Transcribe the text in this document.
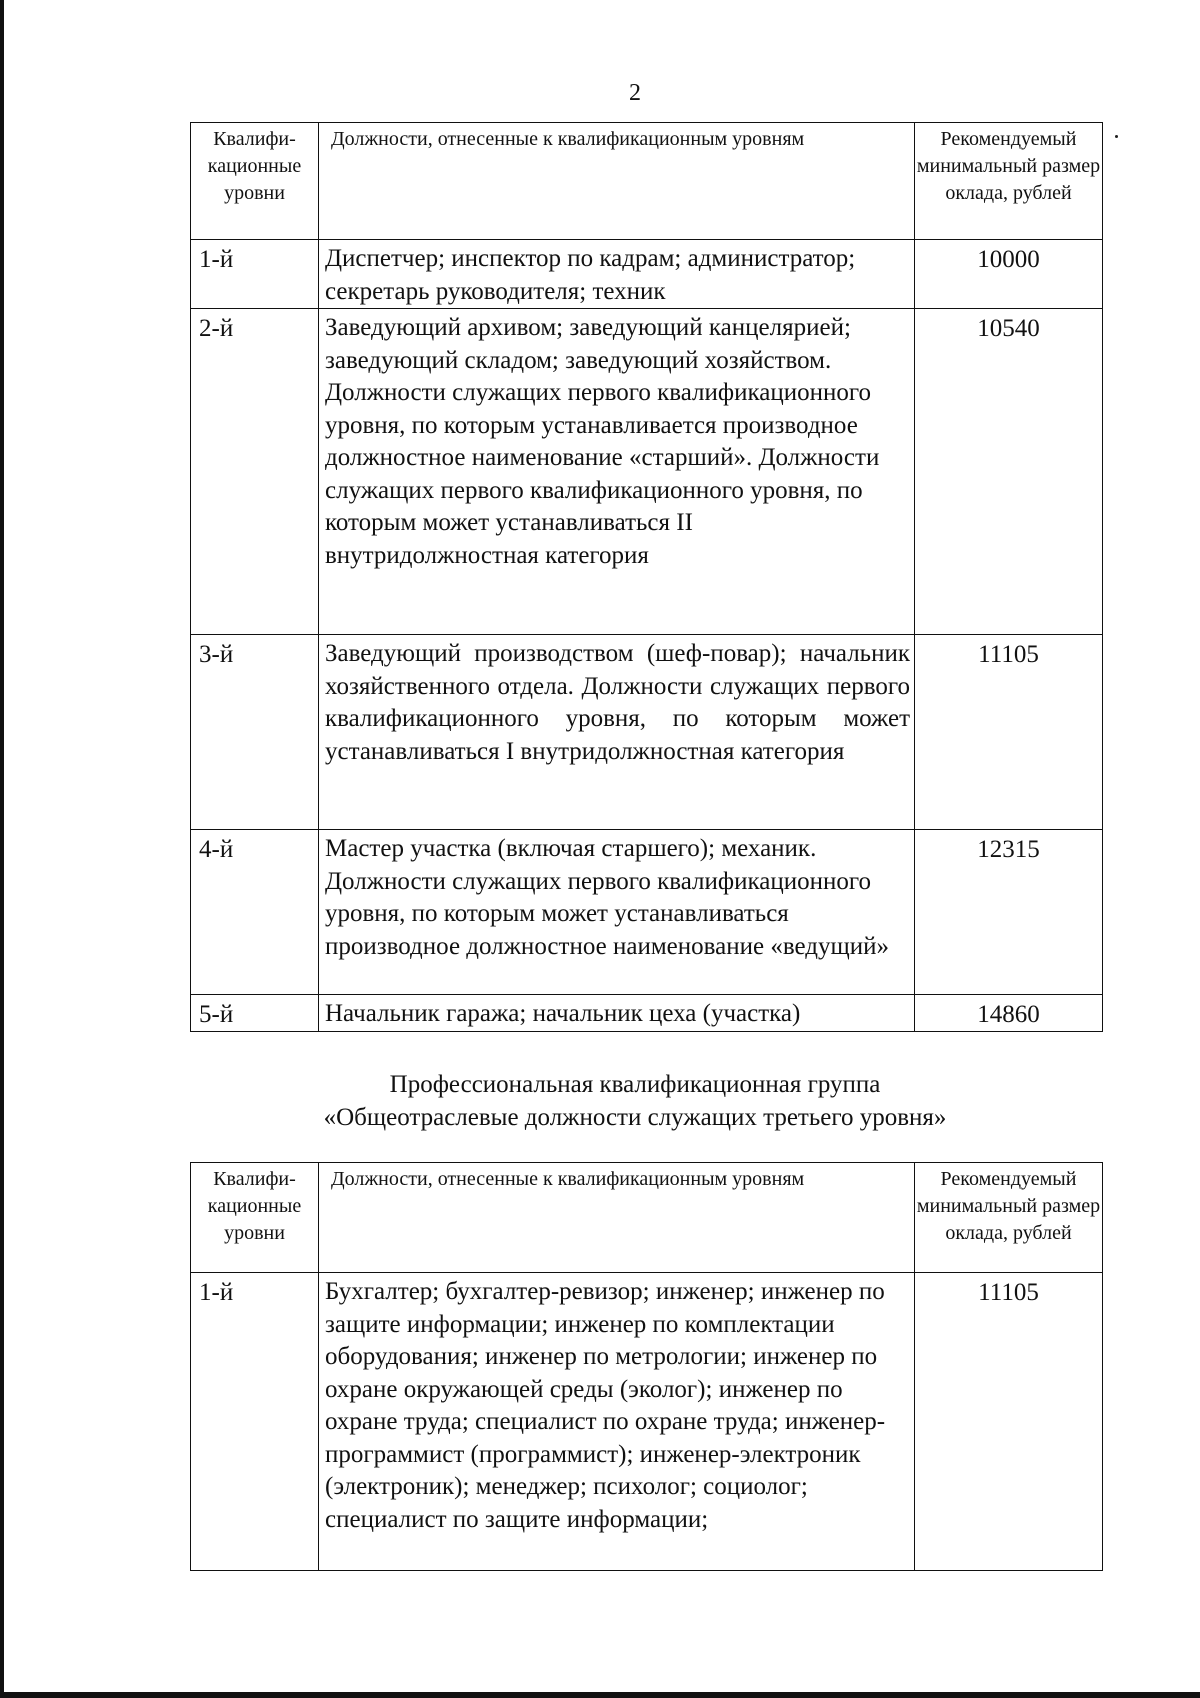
2
Квалифи-кационные уровни	Должности, отнесенные к квалификационным уровням	Рекомендуемый минимальный размер оклада, рублей
1-й	Диспетчер; инспектор по кадрам; администратор; секретарь руководителя; техник	10000
2-й	Заведующий архивом; заведующий канцелярией; заведующий складом; заведующий хозяйством. Должности служащих первого квалификационного уровня, по которым устанавливается производное должностное наименование «старший». Должности служащих первого квалификационного уровня, по которым может устанавливаться II внутридолжностная категория	10540
3-й	Заведующий производством (шеф-повар); начальник хозяйственного отдела. Должности служащих первого квалификационного уровня, по которым может устанавливаться I внутридолжностная категория	11105
4-й	Мастер участка (включая старшего); механик. Должности служащих первого квалификационного уровня, по которым может устанавливаться производное должностное наименование «ведущий»	12315
5-й	Начальник гаража; начальник цеха (участка)	14860
Профессиональная квалификационная группа
«Общеотраслевые должности служащих третьего уровня»
Квалифи-кационные уровни	Должности, отнесенные к квалификационным уровням	Рекомендуемый минимальный размер оклада, рублей
1-й	Бухгалтер; бухгалтер-ревизор; инженер; инженер по защите информации; инженер по комплектации оборудования; инженер по метрологии; инженер по охране окружающей среды (эколог); инженер по охране труда; специалист по охране труда; инженер-программист (программист); инженер-электроник (электроник); менеджер; психолог; социолог; специалист по защите информации;	11105
